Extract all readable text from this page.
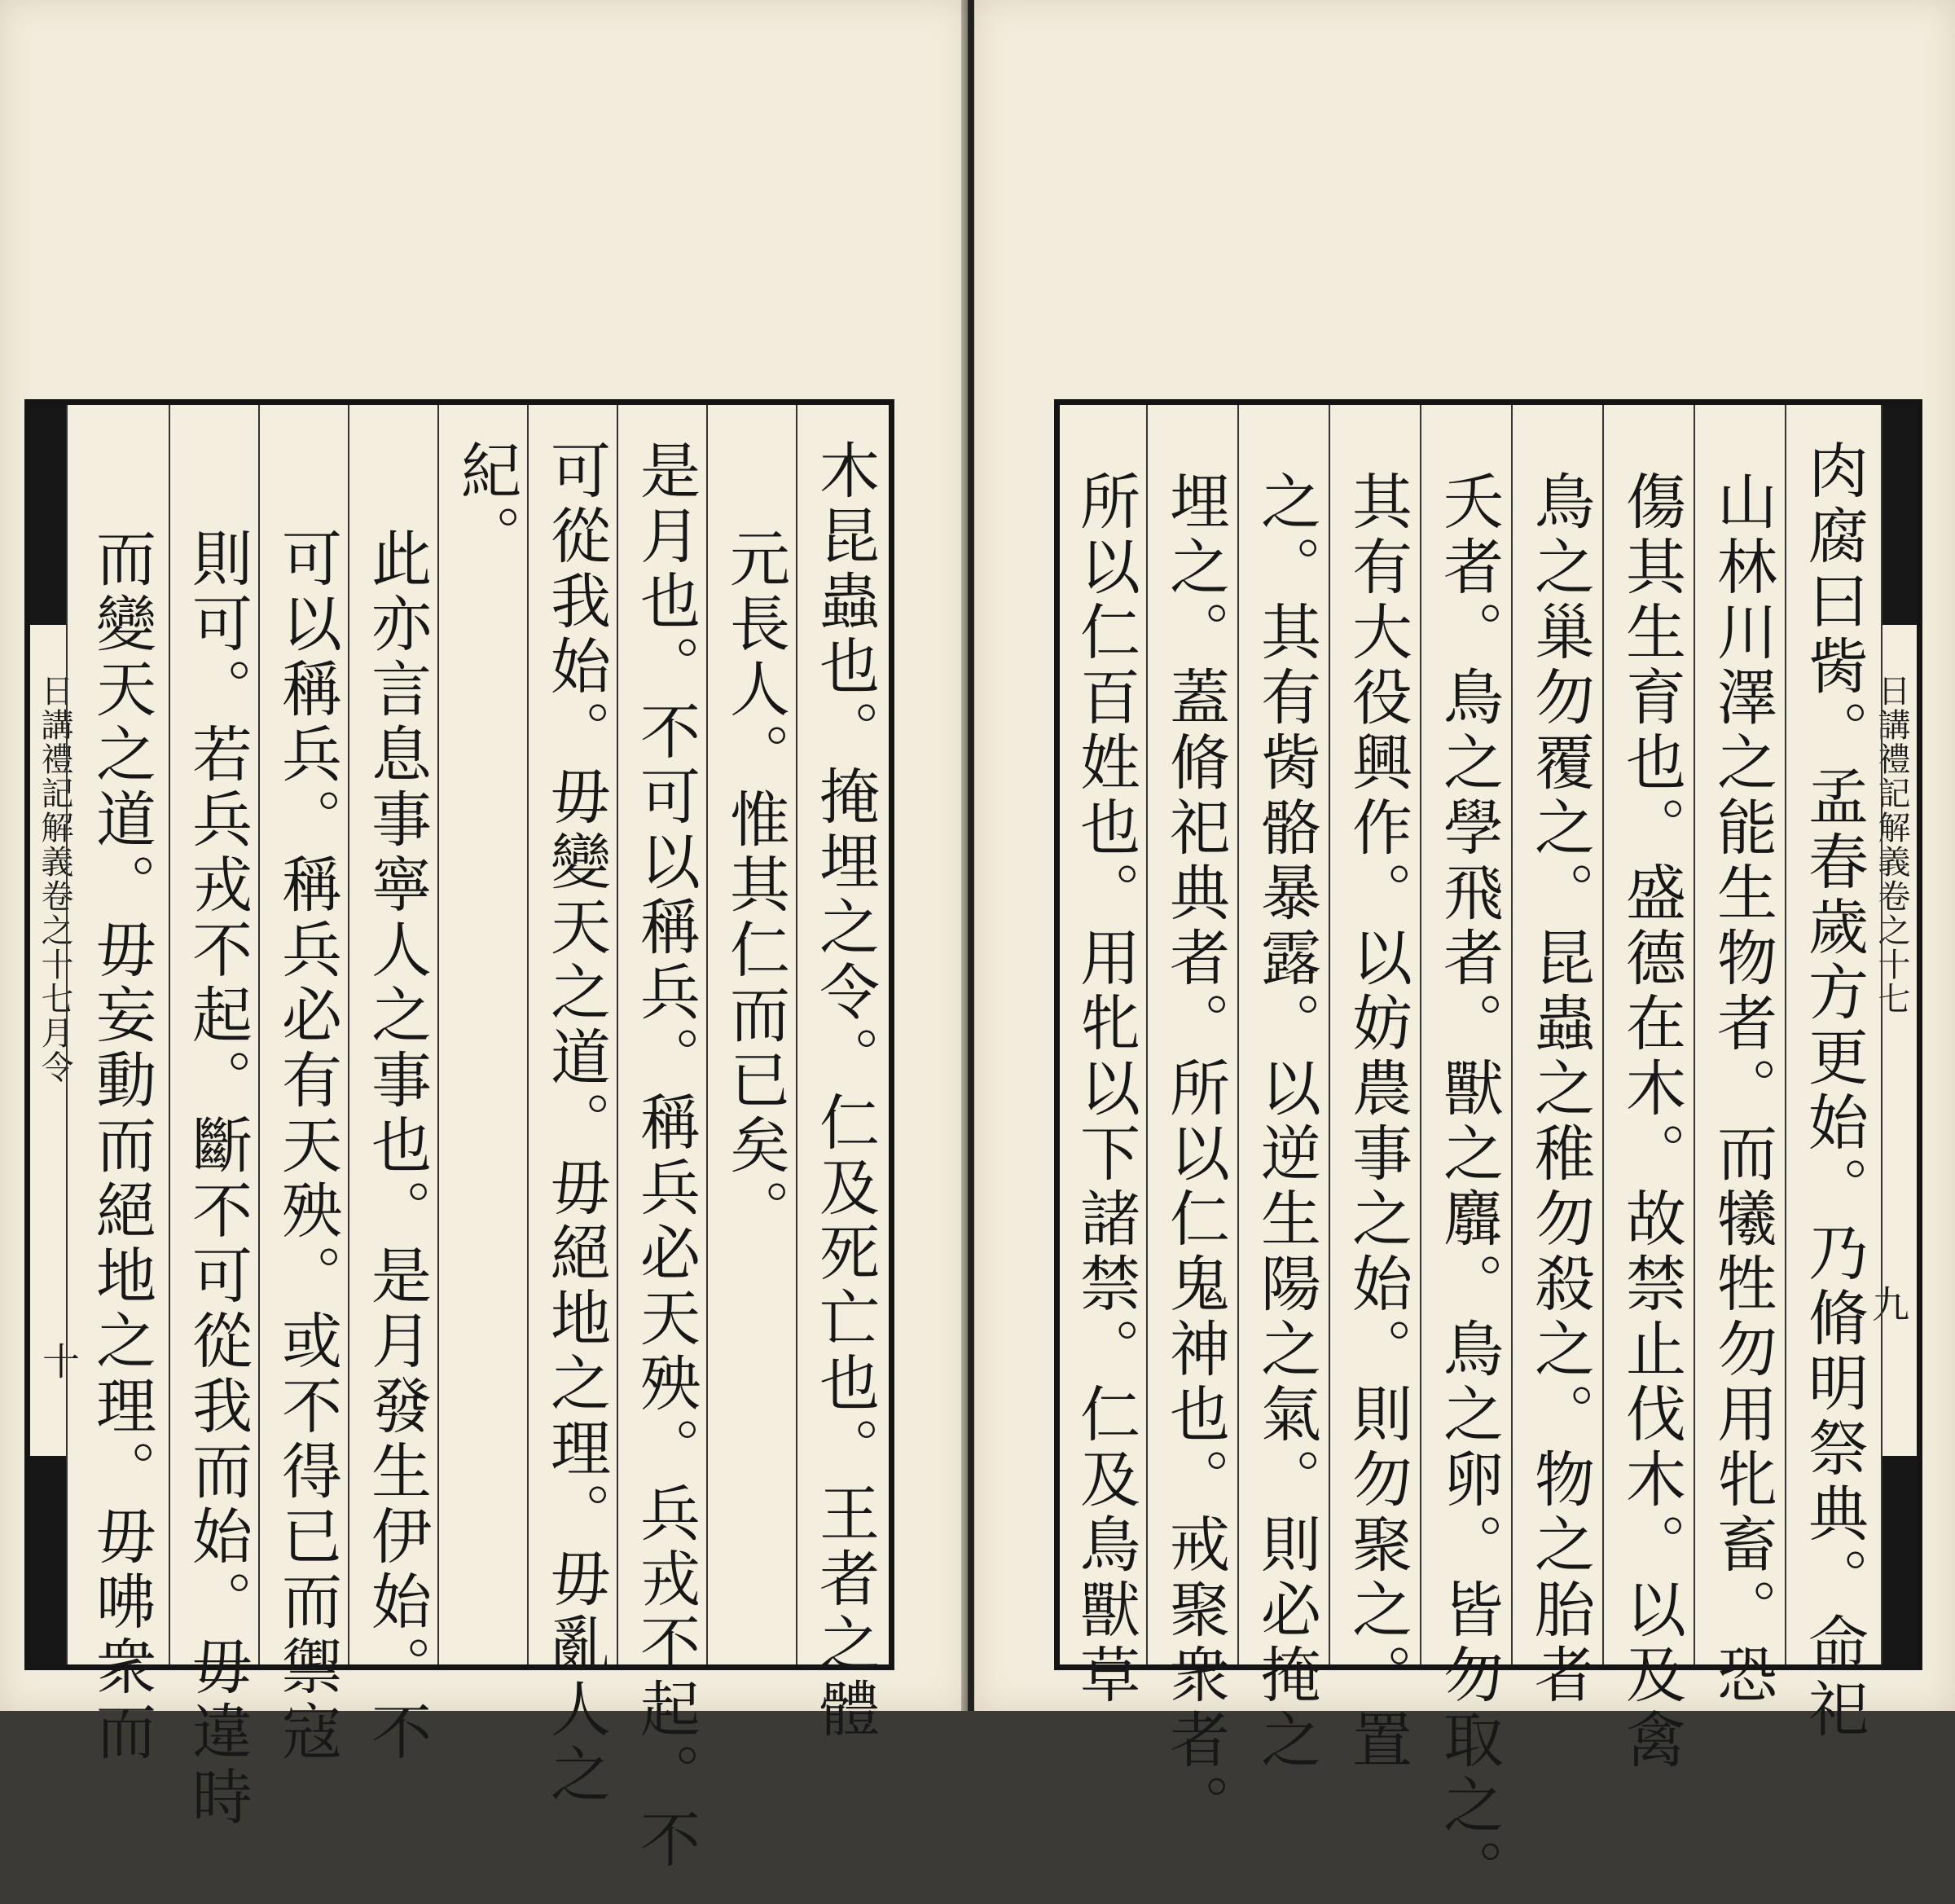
日講禮記解義卷之十七月令
十	木昆蟲也。掩埋之令。仁及死亡也。王者之體
元長人。惟其仁而已矣。
是月也。不可以稱兵。稱兵必天殃。兵戎不起。不
可從我始。毋變天之道。毋絕地之理。毋亂人之
紀。
此亦言息事寧人之事也。是月發生伊始。不
可以稱兵。稱兵必有天殃。或不得已而禦寇
則可。若兵戎不起。斷不可從我而始。毋違時
而變天之道。毋妄動而絕地之理。毋咈衆而	日講禮記解義卷之十七
九
肉腐曰胔。孟春歲方更始。乃脩明祭典。命祀
山林川澤之能生物者。而犧牲勿用牝畜。恐
傷其生育也。盛德在木。故禁止伐木。以及禽
鳥之巢勿覆之。昆蟲之稚勿殺之。物之胎者
夭者。鳥之學飛者。獸之麛。鳥之卵。皆勿取之。
其有大役興作。以妨農事之始。則勿聚之。置
之。其有胔骼暴露。以逆生陽之氣。則必掩之
埋之。蓋脩祀典者。所以仁鬼神也。戒聚衆者。
所以仁百姓也。用牝以下諸禁。仁及鳥獸草
